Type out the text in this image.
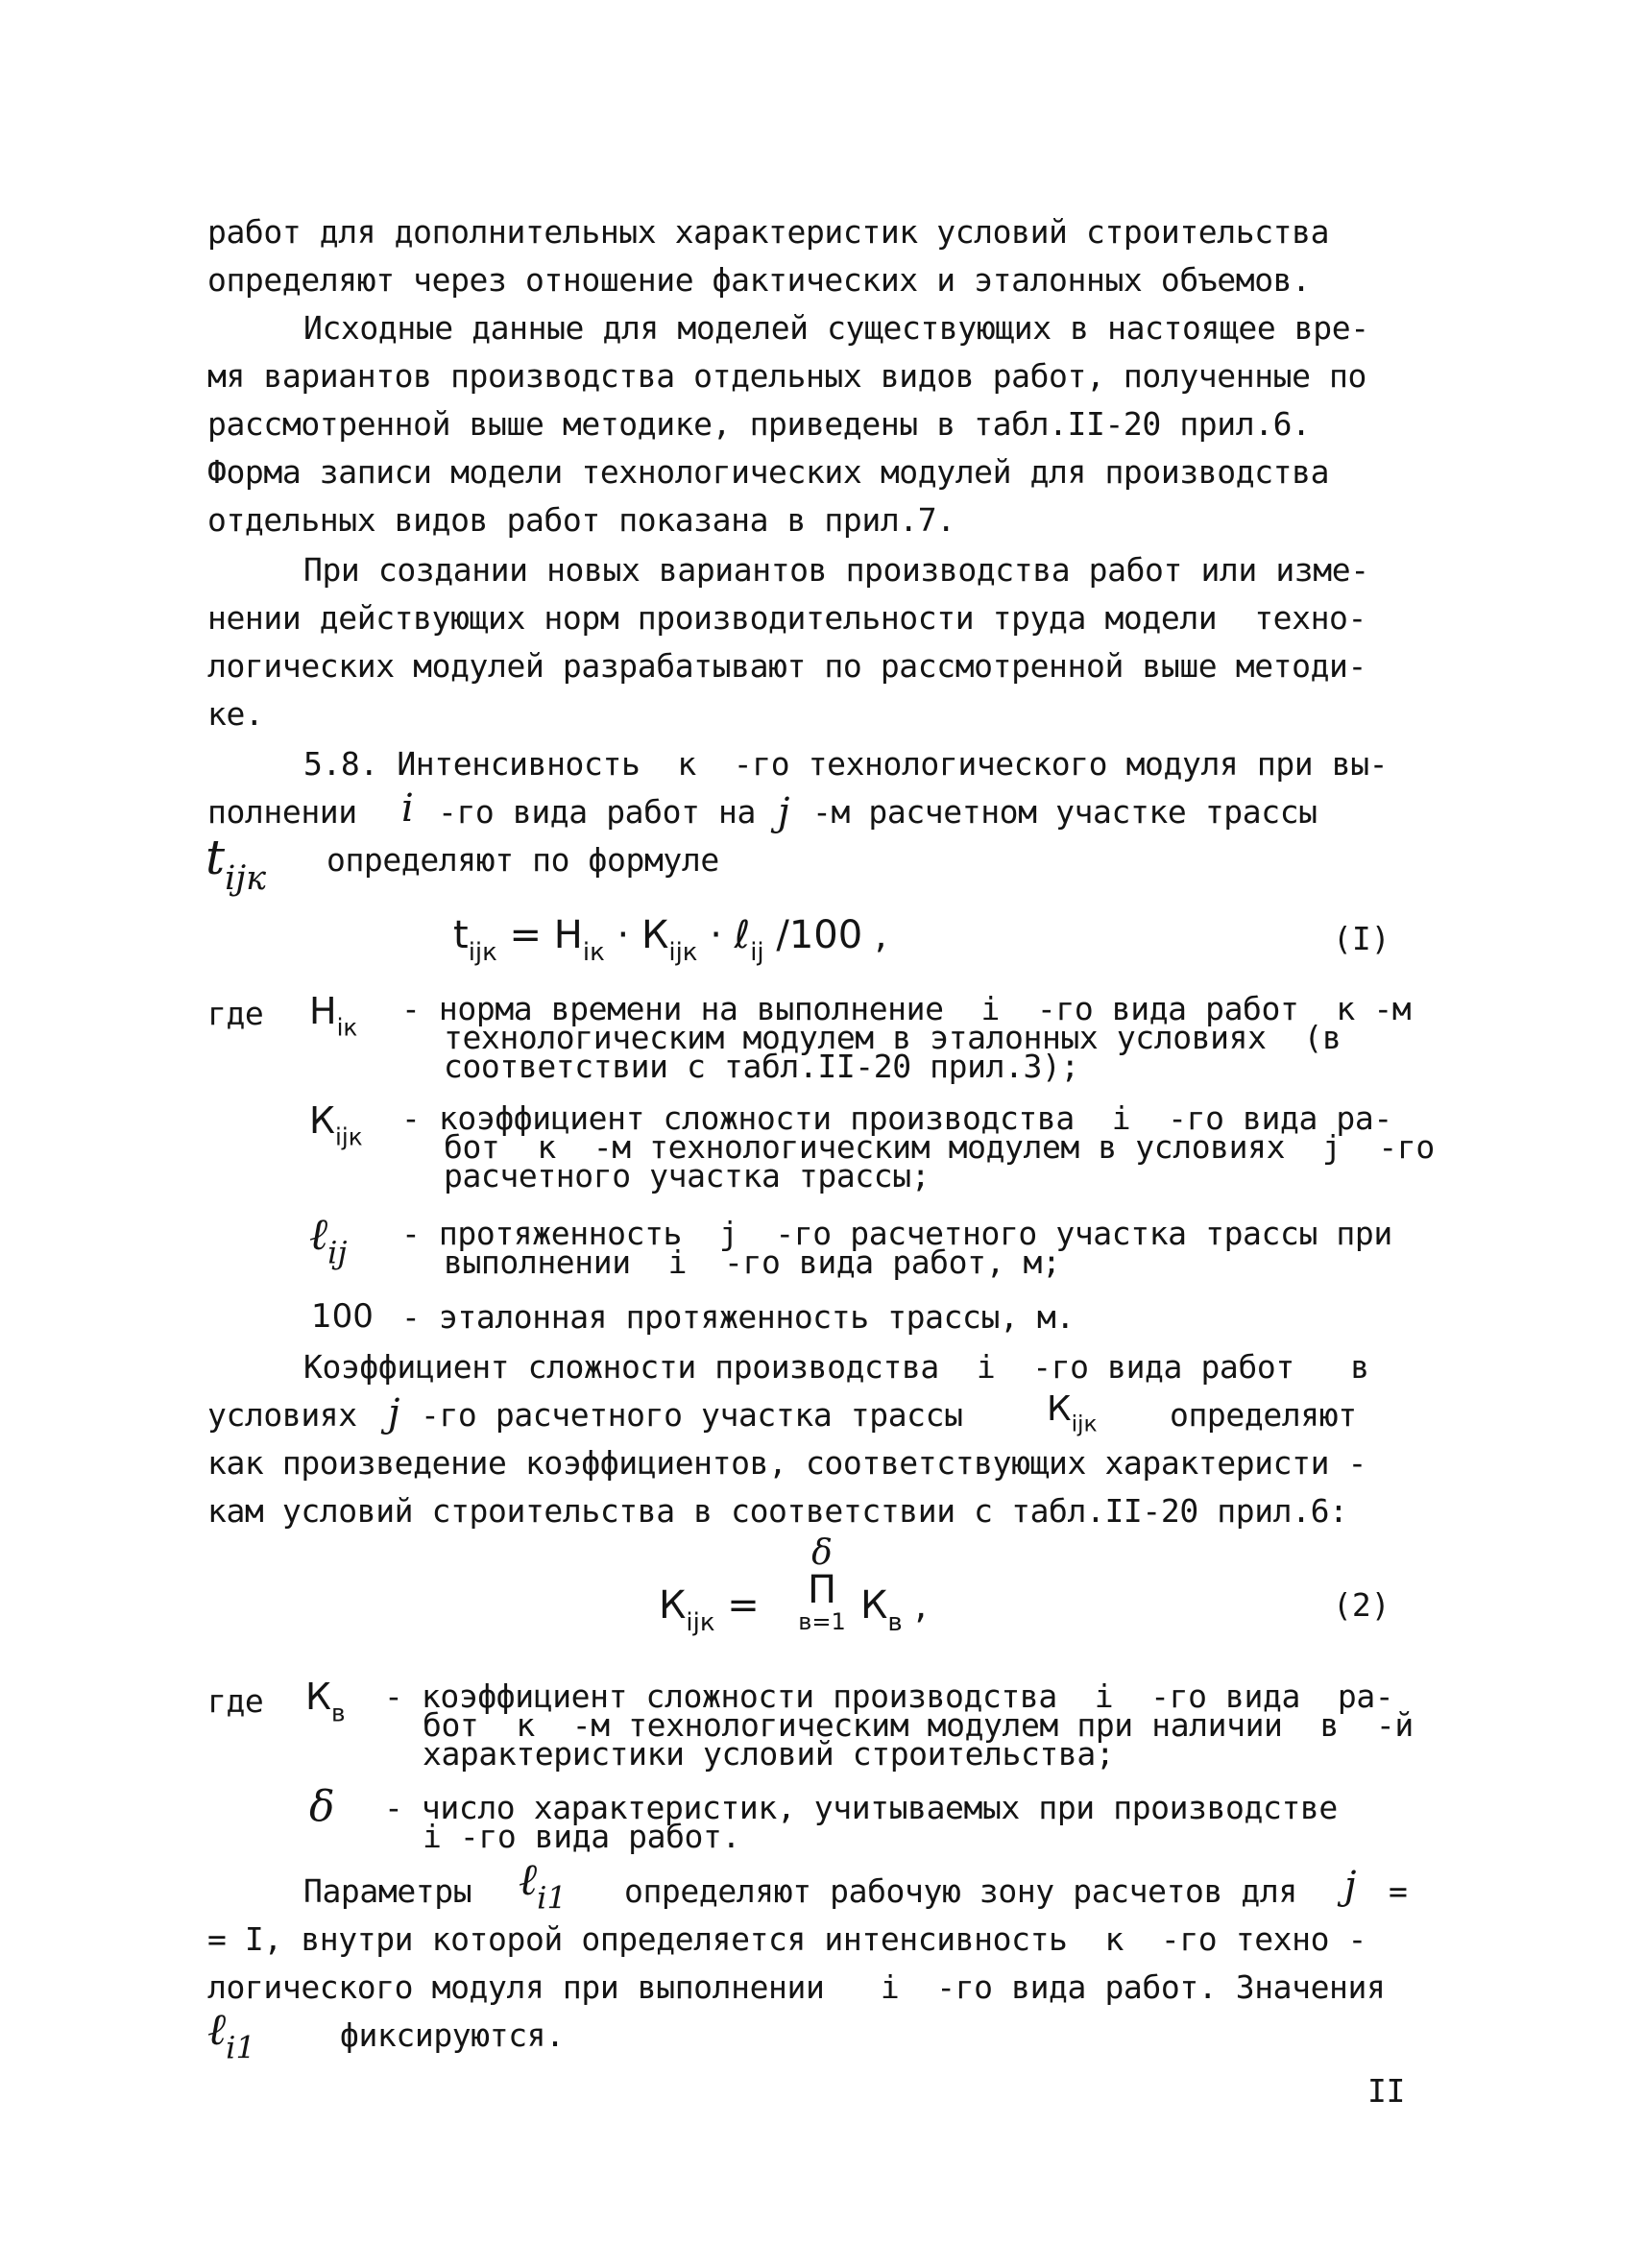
работ для дополнительных характеристик условий строительства
определяют через отношение фактических и эталонных объемов.
Исходные данные для моделей существующих в настоящее вре-
мя вариантов производства отдельных видов работ, полученные по
рассмотренной выше методике, приведены в табл.II-20 прил.6.
Форма записи модели технологических модулей для производства
отдельных видов работ показана в прил.7.
При создании новых вариантов производства работ или изме-
нении действующих норм производительности труда модели  техно-
логических модулей разрабатывают по рассмотренной выше методи-
ке.
5.8. Интенсивность  к  -го технологического модуля при вы-
полнении i -го вида работ на j -м расчетном участке трассы
$t_{ijк}$ определяют по формуле
$t_{ijк} = H_{iк} \cdot К_{ijк}$ · ℓ$_{ij}$ /100 ,	(I)
где $H_{iк}$ - норма времени на выполнение  i  -го вида работ  к -м
технологическим модулем в эталонных условиях  (в
соответствии с табл.II-20 прил.3);
$К_{ijк}$ - коэффициент сложности производства  i  -го вида ра-
бот  к  -м технологическим модулем в условиях  j  -го
расчетного участка трассы;
ℓ$_{ij}$
- протяженность  j  -го расчетного участка трассы при
выполнении  i  -го вида работ, м;
100 - эталонная протяженность трассы, м.
Коэффициент сложности производства  i  -го вида работ   в
условиях j -го расчетного участка трассы $К_{ijк}$ определяют
как произведение коэффициентов, соответствующих характеристи -
кам условий строительства в соответствии с табл.II-20 прил.6:
$К_{ijк}$ =
δ
П
в=1 $К_в$ ,	(2)
где $К_в$ - коэффициент сложности производства  i  -го вида  ра-
бот  к  -м технологическим модулем при наличии  в  -й
характеристики условий строительства;
δ - число характеристик, учитываемых при производстве
i -го вида работ.
Параметры ℓ$_{i1}$ определяют рабочую зону расчетов для j =
= I, внутри которой определяется интенсивность  к  -го техно -
логического модуля при выполнении   i  -го вида работ. Значения
ℓ$_{i1}$	фиксируются.
II
